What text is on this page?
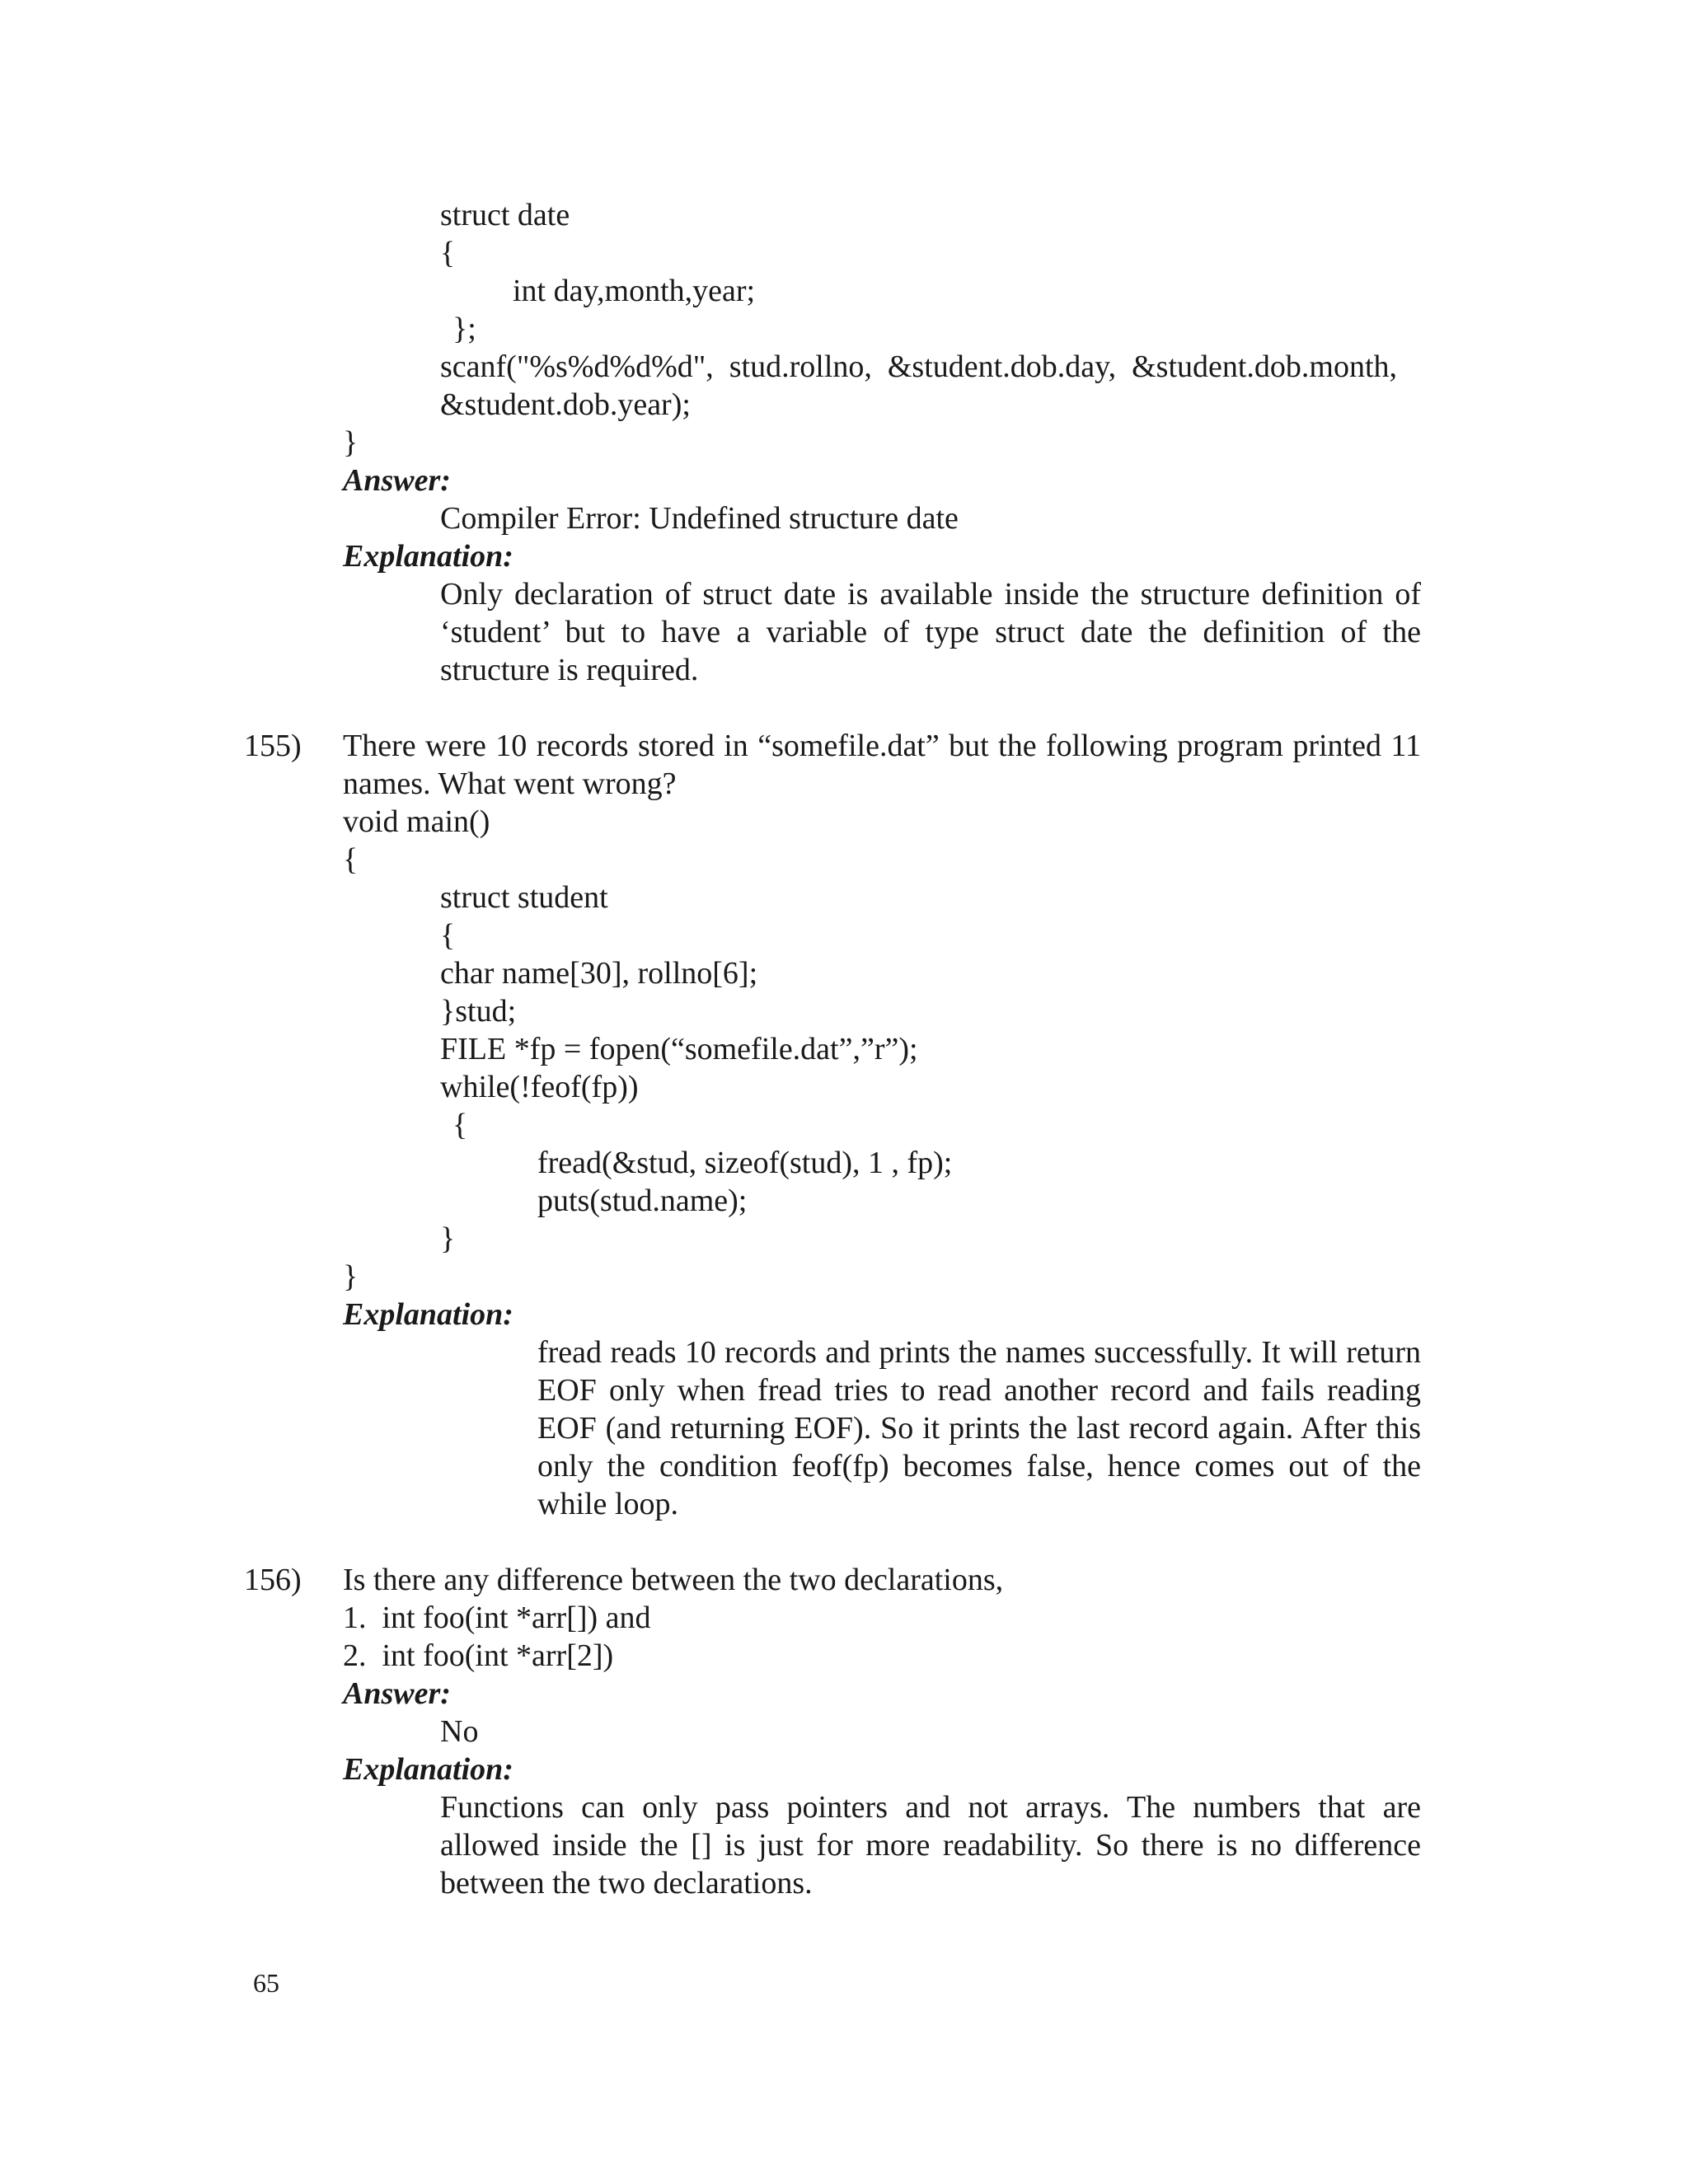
struct date
{
int day,month,year;
};
scanf("%s%d%d%d",  stud.rollno,  &student.dob.day,  &student.dob.month,
&student.dob.year);
}
Answer:
Compiler Error: Undefined structure date
Explanation:
Only declaration of struct date is available inside the structure definition of ‘student’ but to have a variable of type struct date the definition of the structure is required.
155) There were 10 records stored in “somefile.dat” but the following program printed 11 names. What went wrong?
void main()
{
struct student
{
char name[30], rollno[6];
}stud;
FILE *fp = fopen(“somefile.dat”,”r”);
while(!feof(fp))
{
fread(&stud, sizeof(stud), 1 , fp);
puts(stud.name);
}
}
Explanation:
fread reads 10 records and prints the names successfully. It will return EOF only when fread tries to read another record and fails reading EOF (and returning EOF). So it prints the last record again. After this only the condition feof(fp) becomes false, hence comes out of the while loop.
156) Is there any difference between the two declarations,
1.  int foo(int *arr[]) and
2.  int foo(int *arr[2])
Answer:
No
Explanation:
Functions can only pass pointers and not arrays. The numbers that are allowed inside the [] is just for more readability. So there is no difference between the two declarations.
65
